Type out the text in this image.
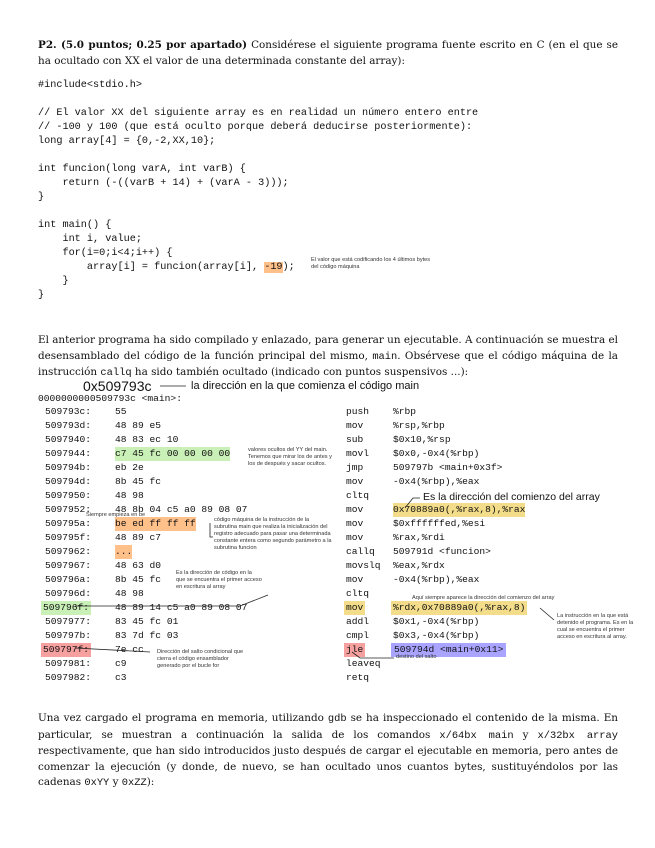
P2. (5.0 puntos; 0.25 por apartado) Considérese el siguiente programa fuente escrito en C (en el que se ha ocultado con XX el valor de una determinada constante del array):
#include<stdio.h>
// El valor XX del siguiente array es en realidad un número entero entre
// -100 y 100 (que está oculto porque deberá deducirse posteriormente):
long array[4] = {0,-2,XX,10};
int funcion(long varA, int varB) {
return (-((varB + 14) + (varA - 3)));
}
int main() {
int i, value;
for(i=0;i<4;i++) {
array[i] = funcion(array[i], -19);
}
}
El valor que está codificando los 4 últimos bytes del código máquina
El anterior programa ha sido compilado y enlazado, para generar un ejecutable. A continuación se muestra el desensamblado del código de la función principal del mismo, main. Obsérvese que el código máquina de la instrucción callq ha sido también ocultado (indicado con puntos suspensivos ...):
0x509793c	la dirección en la que comienza el código main
0000000000509793c <main>:
509793c: 55	push %rbp
509793d: 48 89 e5	mov	%rsp,%rbp
5097940: 48 83 ec 10	sub	$0x10,%rsp
5097944: c7 45 fc 00 00 00 00	movl $0x0,-0x4(%rbp)
509794b: eb 2e	jmp	509797b <main+0x3f>
509794d: 8b 45 fc	mov	-0x4(%rbp),%eax
5097950: 48 98	cltq
5097952: 48 8b 04 c5 a0 89 08 07	mov	0x70889a0(,%rax,8),%rax
509795a: be ed ff ff ff	mov	$0xffffffed,%esi
509795f: 48 89 c7	mov	%rax,%rdi
5097962: ...	callq 509791d <funcion>
5097967: 48 63 d0	movslq %eax,%rdx
509796a: 8b 45 fc	mov	-0x4(%rbp),%eax
509796d: 48 98	cltq
509796f:	48 89 14 c5 a0 89 08 07	mov	%rdx,0x70889a0(,%rax,8)
5097977: 83 45 fc 01	addl $0x1,-0x4(%rbp)
509797b: 83 7d fc 03	cmpl $0x3,-0x4(%rbp)
509797f:	7e cc	jle	509794d <main+0x11>
5097981: c9	leaveq
5097982: c3	retq
Es la dirección del comienzo del array
valores ocultos del YY del main. Tenemos que mirar los de antes y los de después y sacar ocultos.
Siempre empieza en be
código máquina de la instrucción de la subrutina main que realiza la inicialización del registro adecuado para pasar una determinada constante entera como segundo parámetro a la subrutina funcion
Es la dirección de código en la que se encuentra el primer acceso en escritura al array
Aquí siempre aparece la dirección del comienzo del array
La instrucción en la que está detenido el programa. Es en la cual se encuentra el primer acceso en escritura al array.
Dirección del salto condicional que cierra el código ensamblador generado por el bucle for
destino del salto
Una vez cargado el programa en memoria, utilizando gdb se ha inspeccionado el contenido de la misma. En particular, se muestran a continuación la salida de los comandos x/64bx main y x/32bx array respectivamente, que han sido introducidos justo después de cargar el ejecutable en memoria, pero antes de comenzar la ejecución (y donde, de nuevo, se han ocultado unos cuantos bytes, sustituyéndolos por las cadenas 0xYY y 0xZZ):
